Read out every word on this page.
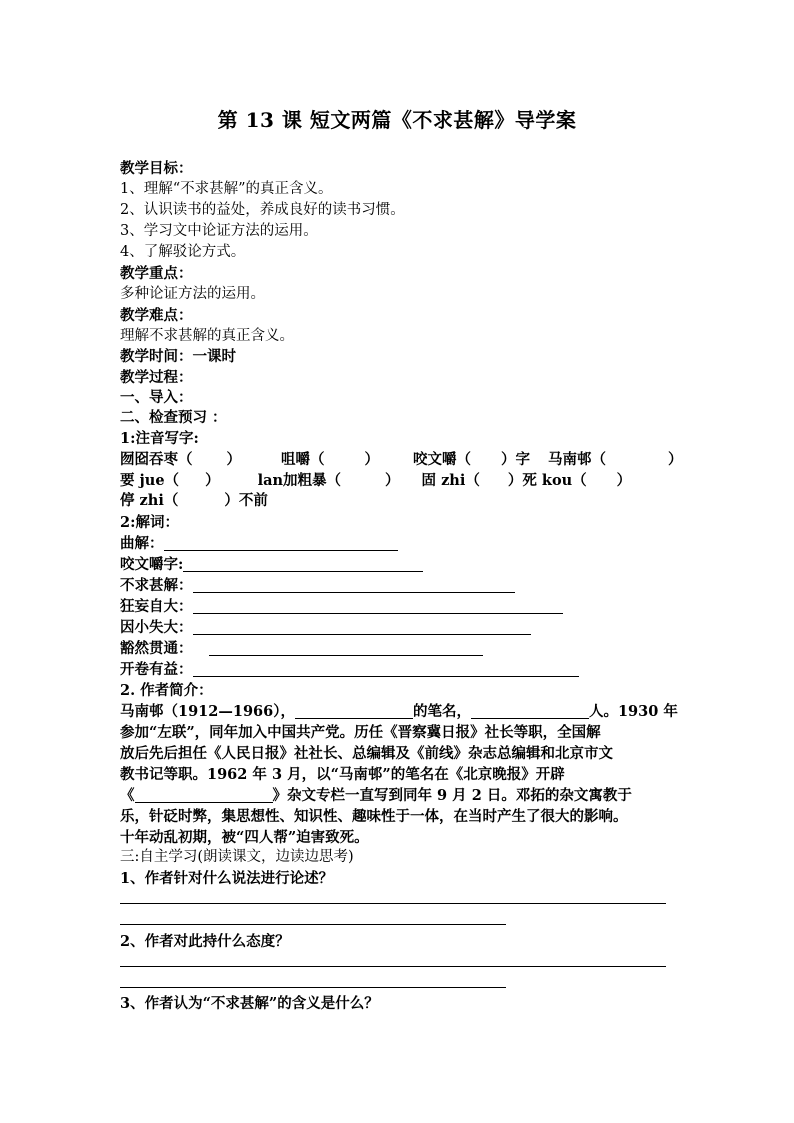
第 13 课 短文两篇《不求甚解》导学案
教学目标：
1、理解“不求甚解”的真正含义。
2、认识读书的益处，养成良好的读书习惯。
3、学习文中论证方法的运用。
4、了解驳论方式。
教学重点：
多种论证方法的运用。
教学难点：
理解不求甚解的真正含义。
教学时间：一课时
教学过程：
一、导入：
二、检查预习 ：
1:注音写字:
囫囵吞枣（ ）	咀嚼（	） 咬文嚼（ ）字 马南邨（	）
要 jue（ ）	lan加粗暴（	） 固 zhi（ ）死 kou（ ）
停 zhi（	）不前
2:解词：
曲解：
咬文嚼字:
不求甚解：
狂妄自大：
因小失大：
豁然贯通：
开卷有益：
2. 作者简介：
马南邨（1912—1966），	的笔名，	人。1930 年
参加“左联”，同年加入中国共产党。历任《晋察冀日报》社长等职，全国解
放后先后担任《人民日报》社社长、总编辑及《前线》杂志总编辑和北京市文
教书记等职。1962 年 3 月，以“马南邨”的笔名在《北京晚报》开辟
《	》杂文专栏一直写到同年 9 月 2 日。邓拓的杂文寓教于
乐，针砭时弊，集思想性、知识性、趣味性于一体，在当时产生了很大的影响。
十年动乱初期，被“四人帮”迫害致死。
三:自主学习(朗读课文，边读边思考)
1、作者针对什么说法进行论述？
2、作者对此持什么态度？
3、作者认为“不求甚解”的含义是什么？
